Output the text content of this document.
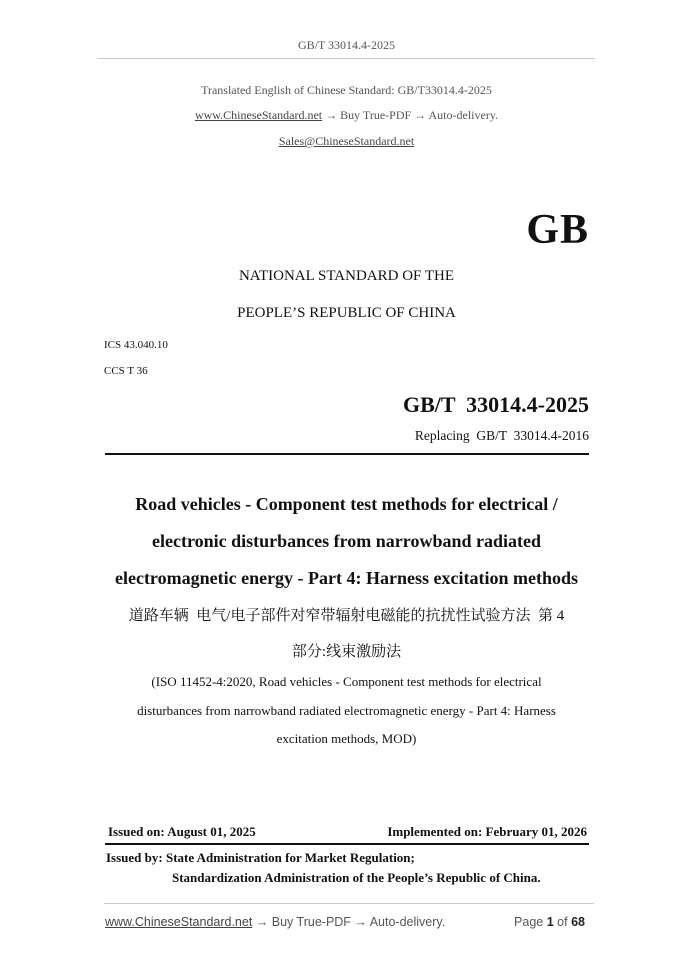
GB/T 33014.4-2025
Translated English of Chinese Standard: GB/T33014.4-2025
www.ChineseStandard.net → Buy True-PDF → Auto-delivery.
Sales@ChineseStandard.net
GB
NATIONAL STANDARD OF THE
PEOPLE’S REPUBLIC OF CHINA
ICS 43.040.10
CCS T 36
GB/T  33014.4-2025
Replacing  GB/T  33014.4-2016
Road vehicles - Component test methods for electrical /
electronic disturbances from narrowband radiated
electromagnetic energy - Part 4: Harness excitation methods
道路车辆  电气/电子部件对窄带辐射电磁能的抗扰性试验方法  第 4
部分:线束激励法
(ISO 11452-4:2020, Road vehicles - Component test methods for electrical
disturbances from narrowband radiated electromagnetic energy - Part 4: Harness
excitation methods, MOD)
Issued on: August 01, 2025	Implemented on: February 01, 2026
Issued by: State Administration for Market Regulation;
Standardization Administration of the People’s Republic of China.
www.ChineseStandard.net → Buy True-PDF → Auto-delivery.	Page 1 of 68
